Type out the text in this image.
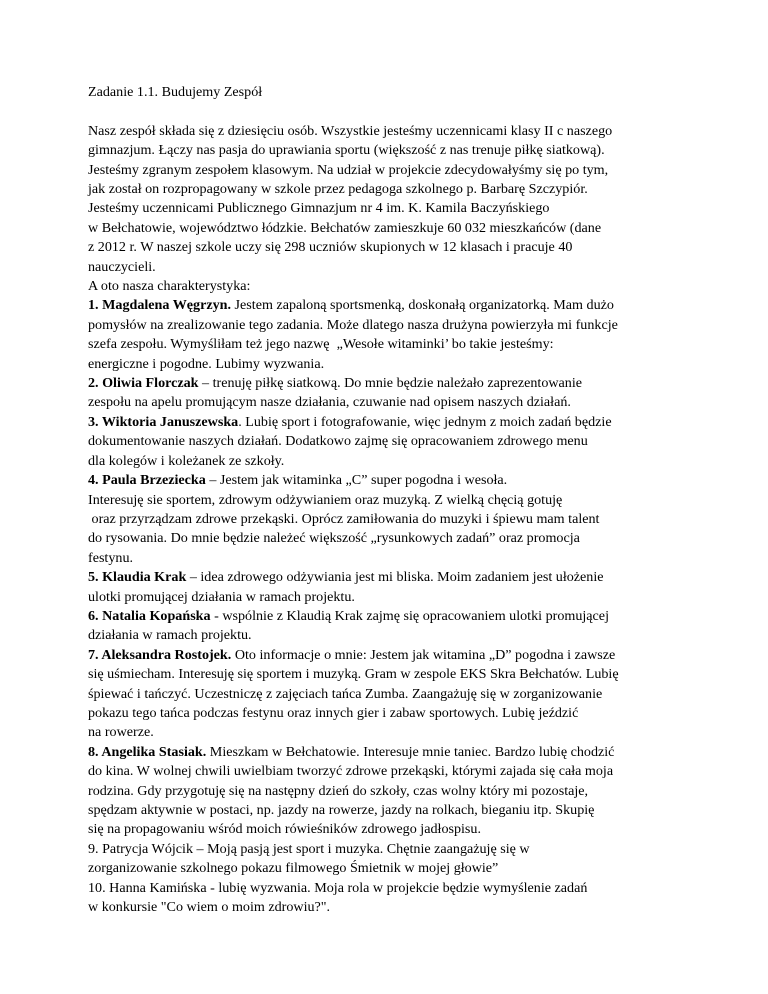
Zadanie 1.1. Budujemy Zespół
Nasz zespół składa się z dziesięciu osób. Wszystkie jesteśmy uczennicami klasy II c naszego
gimnazjum. Łączy nas pasja do uprawiania sportu (większość z nas trenuje piłkę siatkową).
Jesteśmy zgranym zespołem klasowym. Na udział w projekcie zdecydowałyśmy się po tym,
jak został on rozpropagowany w szkole przez pedagoga szkolnego p. Barbarę Szczypiór.
Jesteśmy uczennicami Publicznego Gimnazjum nr 4 im. K. Kamila Baczyńskiego
w Bełchatowie, województwo łódzkie. Bełchatów zamieszkuje 60 032 mieszkańców (dane
z 2012 r. W naszej szkole uczy się 298 uczniów skupionych w 12 klasach i pracuje 40
nauczycieli.
A oto nasza charakterystyka:
1. Magdalena Węgrzyn. Jestem zapaloną sportsmenką, doskonałą organizatorką. Mam dużo
pomysłów na zrealizowanie tego zadania. Może dlatego nasza drużyna powierzyła mi funkcje
szefa zespołu. Wymyśliłam też jego nazwę  „Wesołe witaminki’ bo takie jesteśmy:
energiczne i pogodne. Lubimy wyzwania.
2. Oliwia Florczak – trenuję piłkę siatkową. Do mnie będzie należało zaprezentowanie
zespołu na apelu promującym nasze działania, czuwanie nad opisem naszych działań.
3. Wiktoria Januszewska. Lubię sport i fotografowanie, więc jednym z moich zadań będzie
dokumentowanie naszych działań. Dodatkowo zajmę się opracowaniem zdrowego menu
dla kolegów i koleżanek ze szkoły.
4. Paula Brzeziecka – Jestem jak witaminka „C” super pogodna i wesoła.
Interesuję sie sportem, zdrowym odżywianiem oraz muzyką. Z wielką chęcią gotuję
oraz przyrządzam zdrowe przekąski. Oprócz zamiłowania do muzyki i śpiewu mam talent
do rysowania. Do mnie będzie należeć większość „rysunkowych zadań” oraz promocja
festynu.
5. Klaudia Krak – idea zdrowego odżywiania jest mi bliska. Moim zadaniem jest ułożenie
ulotki promującej działania w ramach projektu.
6. Natalia Kopańska - wspólnie z Klaudią Krak zajmę się opracowaniem ulotki promującej
działania w ramach projektu.
7. Aleksandra Rostojek. Oto informacje o mnie: Jestem jak witamina „D” pogodna i zawsze
się uśmiecham. Interesuję się sportem i muzyką. Gram w zespole EKS Skra Bełchatów. Lubię
śpiewać i tańczyć. Uczestniczę z zajęciach tańca Zumba. Zaangażuję się w zorganizowanie
pokazu tego tańca podczas festynu oraz innych gier i zabaw sportowych. Lubię jeździć
na rowerze.
8. Angelika Stasiak. Mieszkam w Bełchatowie. Interesuje mnie taniec. Bardzo lubię chodzić
do kina. W wolnej chwili uwielbiam tworzyć zdrowe przekąski, którymi zajada się cała moja
rodzina. Gdy przygotuję się na następny dzień do szkoły, czas wolny który mi pozostaje,
spędzam aktywnie w postaci, np. jazdy na rowerze, jazdy na rolkach, bieganiu itp. Skupię
się na propagowaniu wśród moich rówieśników zdrowego jadłospisu.
9. Patrycja Wójcik – Moją pasją jest sport i muzyka. Chętnie zaangażuję się w
zorganizowanie szkolnego pokazu filmowego Śmietnik w mojej głowie”
10. Hanna Kamińska - lubię wyzwania. Moja rola w projekcie będzie wymyślenie zadań
w konkursie "Co wiem o moim zdrowiu?".
